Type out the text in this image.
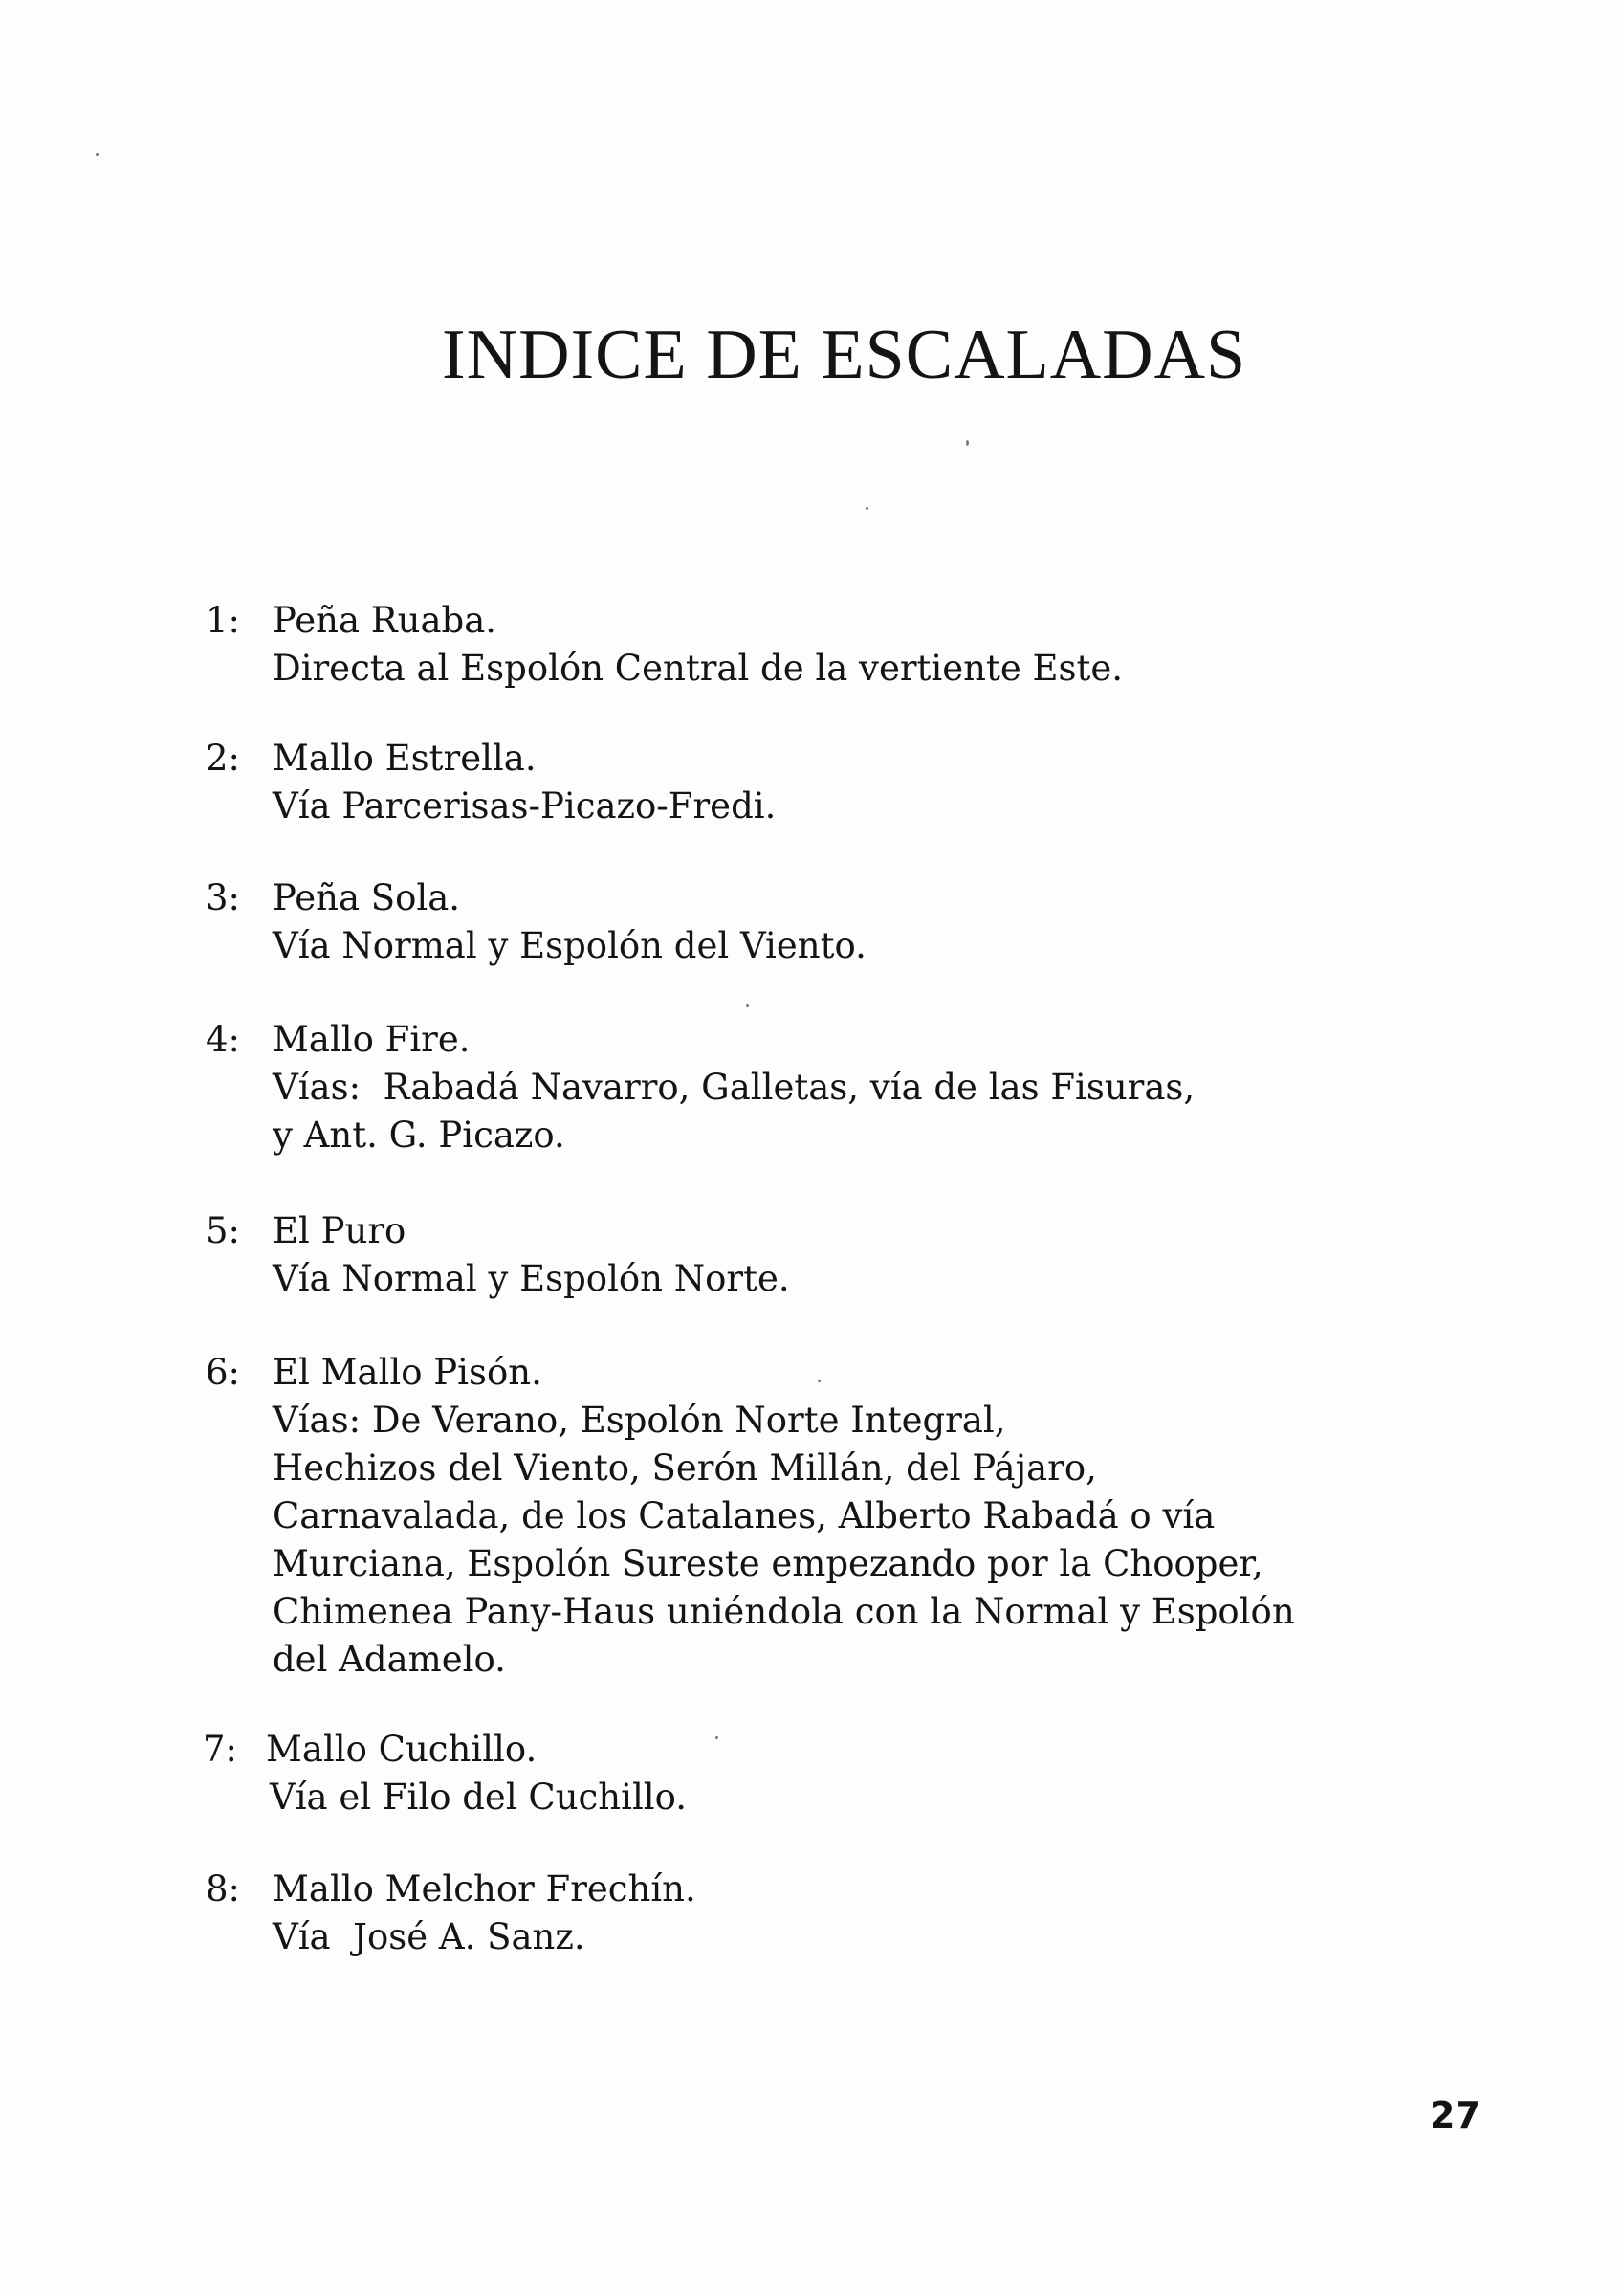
INDICE DE ESCALADAS
1: Peña Ruaba.
Directa al Espolón Central de la vertiente Este.
2: Mallo Estrella.
Vía Parcerisas-Picazo-Fredi.
3: Peña Sola.
Vía Normal y Espolón del Viento.
4: Mallo Fire.
Vías:  Rabadá Navarro, Galletas, vía de las Fisuras,
y Ant. G. Picazo.
5: El Puro
Vía Normal y Espolón Norte.
6: El Mallo Pisón.
Vías: De Verano, Espolón Norte Integral,
Hechizos del Viento, Serón Millán, del Pájaro,
Carnavalada, de los Catalanes, Alberto Rabadá o vía
Murciana, Espolón Sureste empezando por la Chooper,
Chimenea Pany-Haus uniéndola con la Normal y Espolón
del Adamelo.
7: Mallo Cuchillo.
Vía el Filo del Cuchillo.
8: Mallo Melchor Frechín.
Vía  José A. Sanz.
27
